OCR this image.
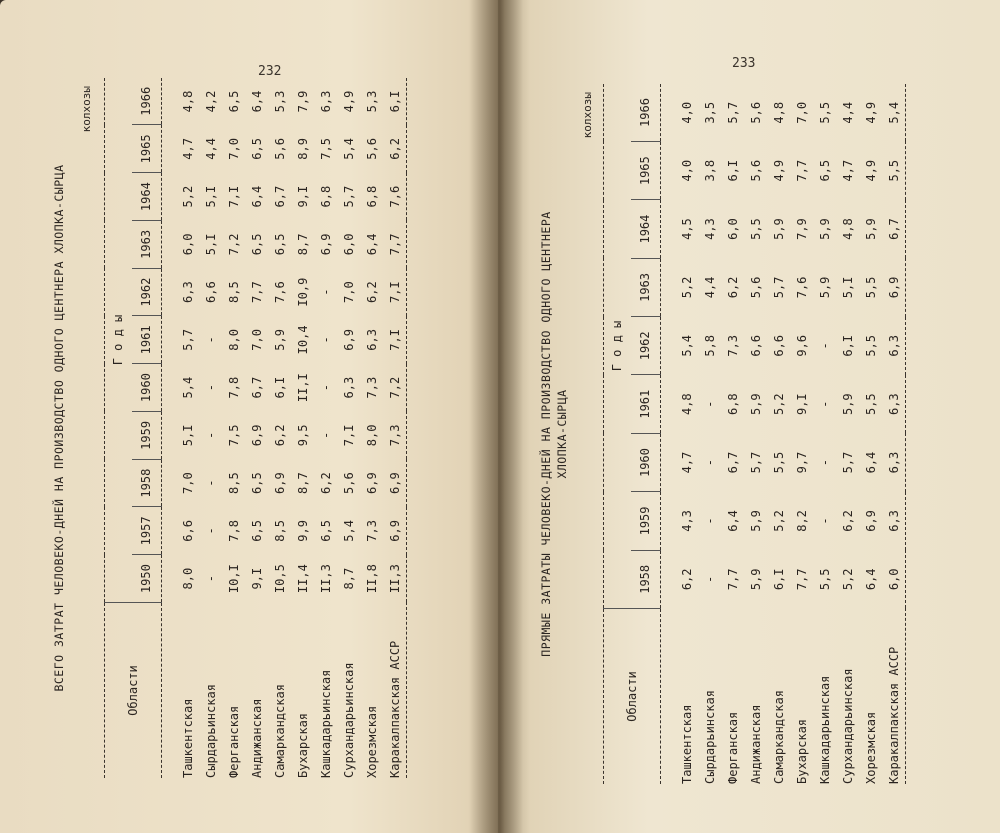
232
ВСЕГО ЗАТРАТ ЧЕЛОВЕКО-ДНЕЙ НА ПРОИЗВОДСТВО ОДНОГО ЦЕНТНЕРА ХЛОПКА-СЫРЦА
колхозы
Области	Г о д ы										
	1950	1957	1958	1959	1960	1961	1962	1963	1964	1965	1966

Ташкентская	8,0	6,6	7,0	5,I	5,4	5,7	6,3	6,0	5,2	4,7	4,8
Сырдарьинская	-	-	-	-	-	-	6,6	5,I	5,I	4,4	4,2
Ферганская	I0,I	7,8	8,5	7,5	7,8	8,0	8,5	7,2	7,I	7,0	6,5
Андижанская	9,I	6,5	6,5	6,9	6,7	7,0	7,7	6,5	6,4	6,5	6,4
Самаркандская	I0,5	8,5	6,9	6,2	6,I	5,9	7,6	6,5	6,7	5,6	5,3
Бухарская	II,4	9,9	8,7	9,5	II,I	I0,4	I0,9	8,7	9,I	8,9	7,9
Кашкадарьинская	II,3	6,5	6,2	-	-	-	-	6,9	6,8	7,5	6,3
Сурхандарьинская	8,7	5,4	5,6	7,I	6,3	6,9	7,0	6,0	5,7	5,4	4,9
Хорезмская	II,8	7,3	6,9	8,0	7,3	6,3	6,2	6,4	6,8	5,6	5,3
Каракалпакская АССР	II,3	6,9	6,9	7,3	7,2	7,I	7,I	7,7	7,6	6,2	6,I

233
ПРЯМЫЕ ЗАТРАТЫ ЧЕЛОВЕКО-ДНЕЙ НА ПРОИЗВОДСТВО ОДНОГО ЦЕНТНЕРА ХЛОПКА-СЫРЦА
колхозы
Области	Г о д ы								
	1958	1959	1960	1961	1962	1963	1964	1965	1966

Ташкентская	6,2	4,3	4,7	4,8	5,4	5,2	4,5	4,0	4,0
Сырдарьинская	-	-	-	-	5,8	4,4	4,3	3,8	3,5
Ферганская	7,7	6,4	6,7	6,8	7,3	6,2	6,0	6,I	5,7
Андижанская	5,9	5,9	5,7	5,9	6,6	5,6	5,5	5,6	5,6
Самаркандская	6,I	5,2	5,5	5,2	6,6	5,7	5,9	4,9	4,8
Бухарская	7,7	8,2	9,7	9,I	9,6	7,6	7,9	7,7	7,0
Кашкадарьинская	5,5	-	-	-	-	5,9	5,9	6,5	5,5
Сурхандарьинская	5,2	6,2	5,7	5,9	6,I	5,I	4,8	4,7	4,4
Хорезмская	6,4	6,9	6,4	5,5	5,5	5,5	5,9	4,9	4,9
Каракалпакская АССР	6,0	6,3	6,3	6,3	6,3	6,9	6,7	5,5	5,4
